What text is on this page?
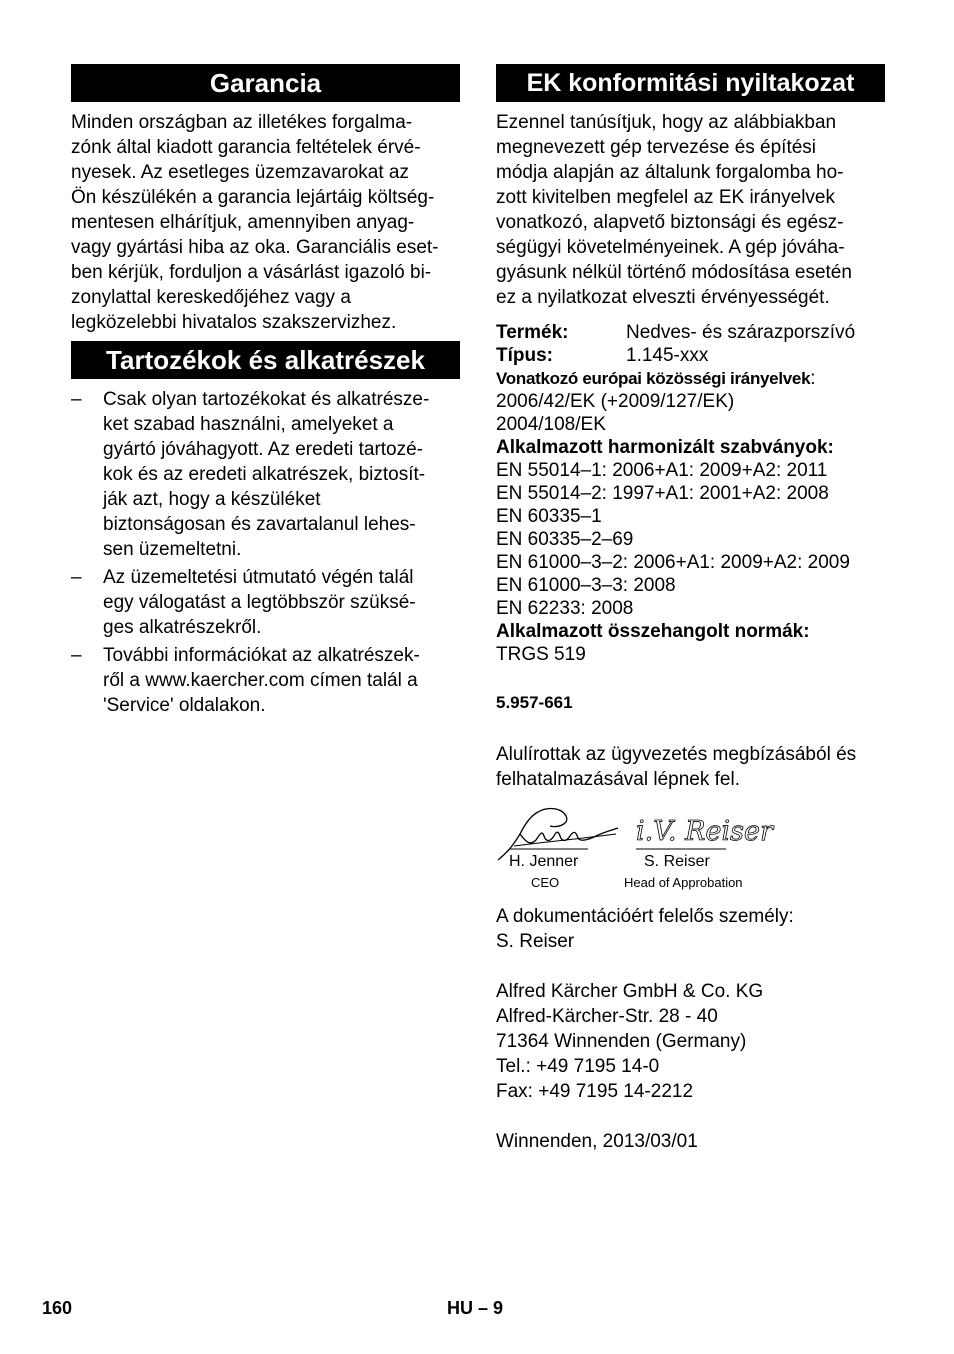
Garancia

Minden országban az illetékes forgalma-
zónk által kiadott garancia feltételek érvé-
nyesek. Az esetleges üzemzavarokat az
Ön készülékén a garancia lejártáig költség-
mentesen elhárítjuk, amennyiben anyag-
vagy gyártási hiba az oka. Garanciális eset-
ben kérjük, forduljon a vásárlást igazoló bi-
zonylattal kereskedőjéhez vagy a
legközelebbi hivatalos szakszervizhez.

Tartozékok és alkatrészek
– Csak olyan tartozékokat és alkatrésze-
ket szabad használni, amelyeket a
gyártó jóváhagyott. Az eredeti tartozé-
kok és az eredeti alkatrészek, biztosít-
ják azt, hogy a készüléket
biztonságosan és zavartalanul lehes-
sen üzemeltetni.
– Az üzemeltetési útmutató végén talál
egy válogatást a legtöbbször szüksé-
ges alkatrészekről.
– További információkat az alkatrészek-
ről a www.kaercher.com címen talál a
'Service' oldalakon.
EK konformitási nyiltakozat

Ezennel tanúsítjuk, hogy az alábbiakban
megnevezett gép tervezése és építési
módja alapján az általunk forgalomba ho-
zott kivitelben megfelel az EK irányelvek
vonatkozó, alapvető biztonsági és egész-
ségügyi követelményeinek. A gép jóváha-
gyásunk nélkül történő módosítása esetén
ez a nyilatkozat elveszti érvényességét.

Termék:	Nedves- és szárazporszívó
Típus:	1.145-xxx
Vonatkozó európai közösségi irányelvek:
2006/42/EK (+2009/127/EK)
2004/108/EK
Alkalmazott harmonizált szabványok:
EN 55014–1: 2006+A1: 2009+A2: 2011
EN 55014–2: 1997+A1: 2001+A2: 2008
EN 60335–1
EN 60335–2–69
EN 61000–3–2: 2006+A1: 2009+A2: 2009
EN 61000–3–3: 2008
EN 62233: 2008
Alkalmazott összehangolt normák:
TRGS 519
5.957-661

Alulírottak az ügyvezetés megbízásából és
felhatalmazásával lépnek fel.

i.V. Reiser
H. Jenner
CEO
S. Reiser
Head of Approbation

A dokumentációért felelős személy:
S. Reiser

Alfred Kärcher GmbH & Co. KG
Alfred-Kärcher-Str. 28 - 40
71364 Winnenden (Germany)
Tel.: +49 7195 14-0
Fax: +49 7195 14-2212

Winnenden, 2013/03/01

160	HU – 9
